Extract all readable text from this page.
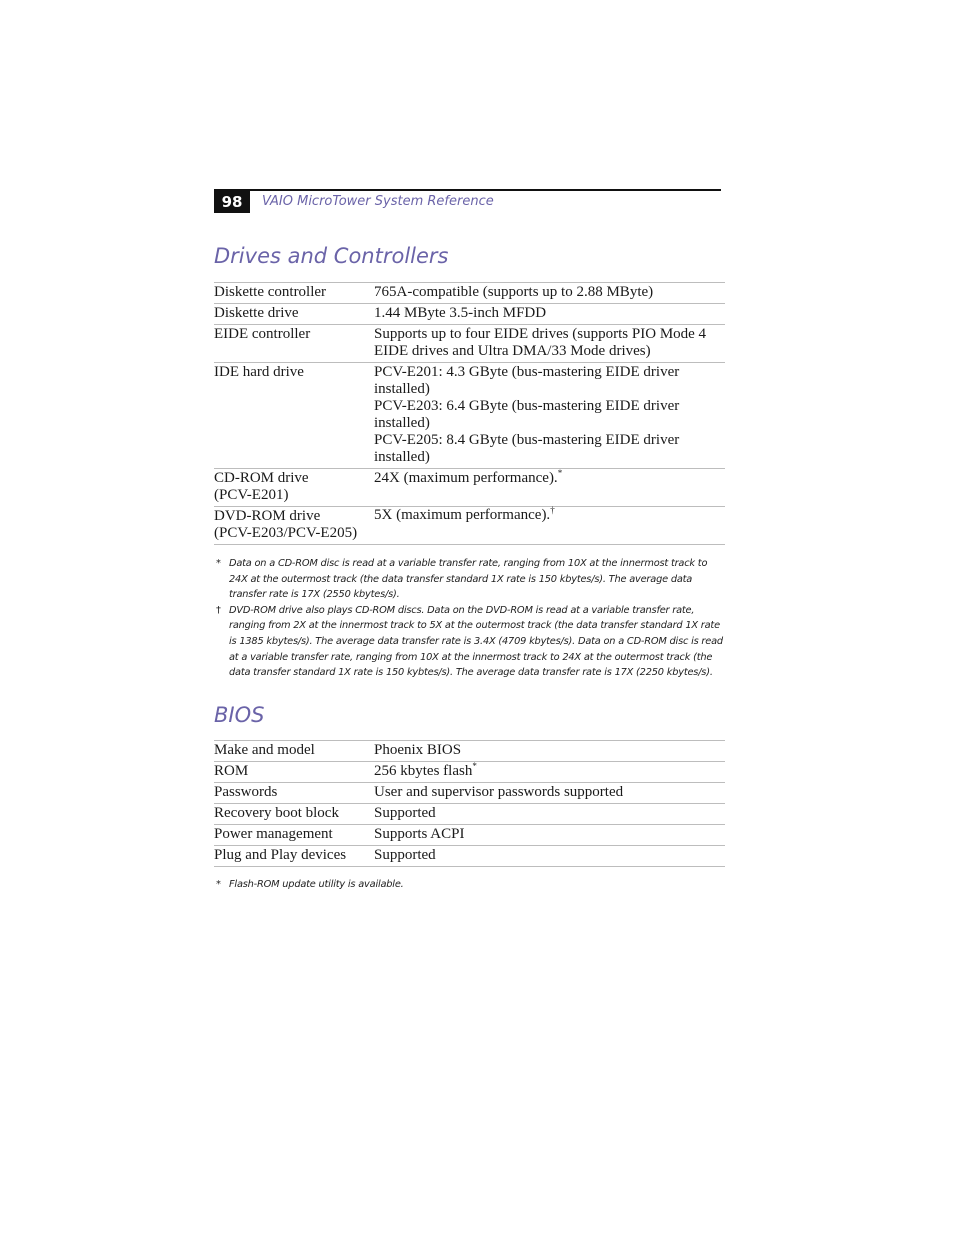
98	VAIO MicroTower System Reference
Drives and Controllers
Diskette controller	765A-compatible (supports up to 2.88 MByte)
Diskette drive	1.44 MByte 3.5-inch MFDD
EIDE controller	Supports up to four EIDE drives (supports PIO Mode 4 EIDE drives and Ultra DMA/33 Mode drives)
IDE hard drive	PCV-E201: 4.3 GByte (bus-mastering EIDE driver installed)
PCV-E203: 6.4 GByte (bus-mastering EIDE driver installed)
PCV-E205: 8.4 GByte (bus-mastering EIDE driver installed)

CD-ROM drive
(PCV-E201)	24X (maximum performance).*

DVD-ROM drive
(PCV-E203/PCV-E205)	5X (maximum performance).†
* Data on a CD-ROM disc is read at a variable transfer rate, ranging from 10X at the innermost track to 24X at the outermost track (the data transfer standard 1X rate is 150 kbytes/s). The average data transfer rate is 17X (2550 kbytes/s).
† DVD-ROM drive also plays CD-ROM discs. Data on the DVD-ROM is read at a variable transfer rate, ranging from 2X at the innermost track to 5X at the outermost track (the data transfer standard 1X rate is 1385 kbytes/s). The average data transfer rate is 3.4X (4709 kbytes/s). Data on a CD-ROM disc is read at a variable transfer rate, ranging from 10X at the innermost track to 24X at the outermost track (the data transfer standard 1X rate is 150 kybtes/s). The average data transfer rate is 17X (2250 kbytes/s).
BIOS
Make and model	Phoenix BIOS
ROM	256 kbytes flash*
Passwords	User and supervisor passwords supported
Recovery boot block	Supported
Power management	Supports ACPI
Plug and Play devices	Supported
* Flash-ROM update utility is available.
